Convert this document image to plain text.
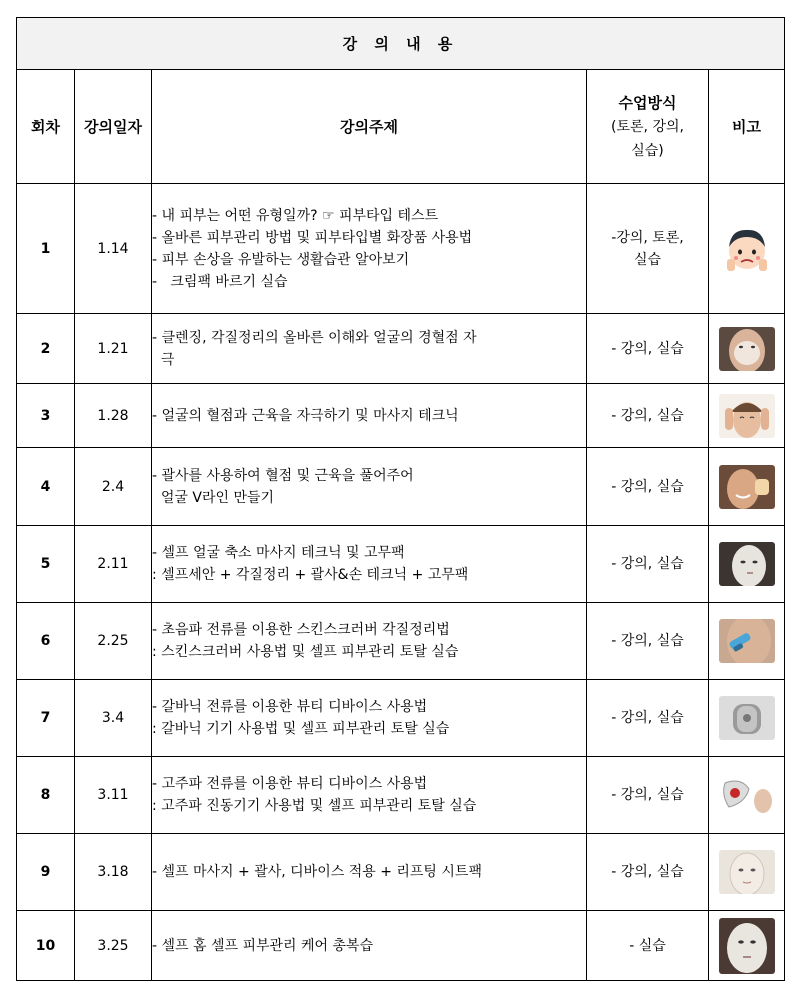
강 의 내 용				
회차	강의일자	강의주제	수업방식
(토론, 강의,
실습)	비고
1	1.14	- 내 피부는 어떤 유형일까? ☞ 피부타입 테스트
- 올바른 피부관리 방법 및 피부타입별 화장품 사용법
- 피부 손상을 유발하는 생활습관 알아보기
-   크림팩 바르기 실습	-강의, 토론,
실습

2	1.21	- 클렌징, 각질정리의 올바른 이해와 얼굴의 경혈점 자
극	- 강의, 실습

3	1.28	- 얼굴의 혈점과 근육을 자극하기 및 마사지 테크닉	- 강의, 실습

4	2.4	- 괄사를 사용하여 혈점 및 근육을 풀어주어
얼굴 V라인 만들기	- 강의, 실습

5	2.11	- 셀프 얼굴 축소 마사지 테크닉 및 고무팩
: 셀프세안 + 각질정리 + 괄사&손 테크닉 + 고무팩	- 강의, 실습

6	2.25	- 초음파 전류를 이용한 스킨스크러버 각질정리법
: 스킨스크러버 사용법 및 셀프 피부관리 토탈 실습	- 강의, 실습

7	3.4	- 갈바닉 전류를 이용한 뷰티 디바이스 사용법
: 갈바닉 기기 사용법 및 셀프 피부관리 토탈 실습	- 강의, 실습

8	3.11	- 고주파 전류를 이용한 뷰티 디바이스 사용법
: 고주파 진동기기 사용법 및 셀프 피부관리 토탈 실습	- 강의, 실습

9	3.18	- 셀프 마사지 + 괄사, 디바이스 적용 + 리프팅 시트팩	- 강의, 실습

10	3.25	- 셀프 홈 셀프 피부관리 케어 총복습	- 실습
